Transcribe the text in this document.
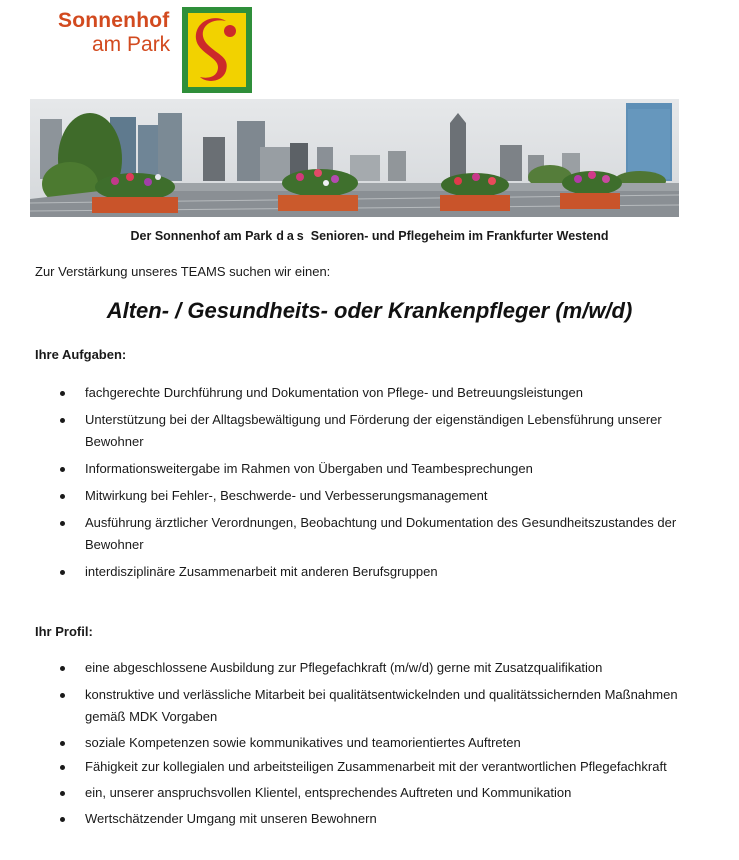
Sonnenhof
am Park
Der Sonnenhof am Park das Senioren- und Pflegeheim im Frankfurter Westend
Zur Verstärkung unseres TEAMS suchen wir einen:
Alten- / Gesundheits- oder Krankenpfleger (m/w/d)
Ihre Aufgaben:
fachgerechte Durchführung und Dokumentation von Pflege- und Betreuungsleistungen
Unterstützung bei der Alltagsbewältigung und Förderung der eigenständigen Lebensführung unserer Bewohner
Informationsweitergabe im Rahmen von Übergaben und Teambesprechungen
Mitwirkung bei Fehler-, Beschwerde- und Verbesserungsmanagement
Ausführung ärztlicher Verordnungen, Beobachtung und Dokumentation des Gesundheitszustandes der Bewohner
interdisziplinäre Zusammenarbeit mit anderen Berufsgruppen
Ihr Profil:
eine abgeschlossene Ausbildung zur Pflegefachkraft (m/w/d) gerne mit Zusatzqualifikation
konstruktive und verlässliche Mitarbeit bei qualitätsentwickelnden und qualitätssichernden Maßnahmen gemäß MDK Vorgaben
soziale Kompetenzen sowie kommunikatives und teamorientiertes Auftreten
Fähigkeit zur kollegialen und arbeitsteiligen Zusammenarbeit mit der verantwortlichen Pflegefachkraft
ein, unserer anspruchsvollen Klientel, entsprechendes Auftreten und Kommunikation
Wertschätzender Umgang mit unseren Bewohnern
